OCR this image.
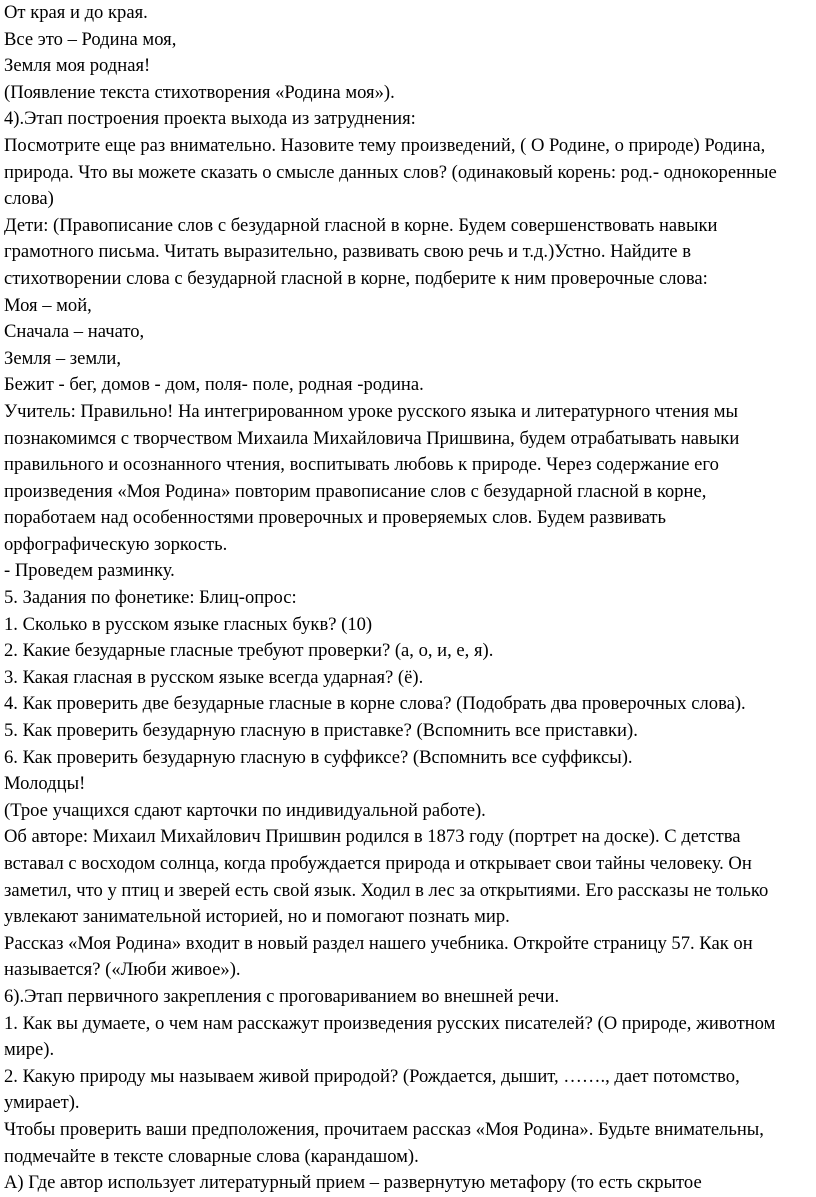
От края и до края.

Все это – Родина моя,

Земля моя родная!

(Появление текста стихотворения «Родина моя»).

4).Этап построения проекта выхода из затруднения:

Посмотрите еще раз внимательно. Назовите тему произведений, ( О Родине, о природе) Родина,

природа. Что вы можете сказать о смысле данных слов? (одинаковый корень: род.- однокоренные

слова)

Дети: (Правописание слов с безударной гласной в корне. Будем совершенствовать навыки

грамотного письма. Читать выразительно, развивать свою речь и т.д.)Устно. Найдите в

стихотворении слова с безударной гласной в корне, подберите к ним проверочные слова:

Моя – мой,

Сначала – начато,

Земля – земли,

Бежит - бег, домов - дом, поля- поле, родная -родина.

Учитель: Правильно! На интегрированном уроке русского языка и литературного чтения мы

познакомимся с творчеством Михаила Михайловича Пришвина, будем отрабатывать навыки

правильного и осознанного чтения, воспитывать любовь к природе. Через содержание его

произведения «Моя Родина» повторим правописание слов с безударной гласной в корне,

поработаем над особенностями проверочных и проверяемых слов. Будем развивать

орфографическую зоркость.

- Проведем разминку.

5. Задания по фонетике: Блиц-опрос:

1. Сколько в русском языке гласных букв? (10)

2. Какие безударные гласные требуют проверки? (а, о, и, е, я).

3. Какая гласная в русском языке всегда ударная? (ё).

4. Как проверить две безударные гласные в корне слова? (Подобрать два проверочных слова).

5. Как проверить безударную гласную в приставке? (Вспомнить все приставки).

6. Как проверить безударную гласную в суффиксе? (Вспомнить все суффиксы).

Молодцы!

(Трое учащихся сдают карточки по индивидуальной работе).

Об авторе: Михаил Михайлович Пришвин родился в 1873 году (портрет на доске). С детства

вставал с восходом солнца, когда пробуждается природа и открывает свои тайны человеку. Он

заметил, что у птиц и зверей есть свой язык. Ходил в лес за открытиями. Его рассказы не только

увлекают занимательной историей, но и помогают познать мир.

Рассказ «Моя Родина» входит в новый раздел нашего учебника. Откройте страницу 57. Как он

называется? («Люби живое»).

6).Этап первичного закрепления с проговариванием во внешней речи.

1. Как вы думаете, о чем нам расскажут произведения русских писателей? (О природе, животном

мире).

2. Какую природу мы называем живой природой? (Рождается, дышит, ……., дает потомство,

умирает).

Чтобы проверить ваши предположения, прочитаем рассказ «Моя Родина». Будьте внимательны,

подмечайте в тексте словарные слова (карандашом).

А) Где автор использует литературный прием – развернутую метафору (то есть скрытое
